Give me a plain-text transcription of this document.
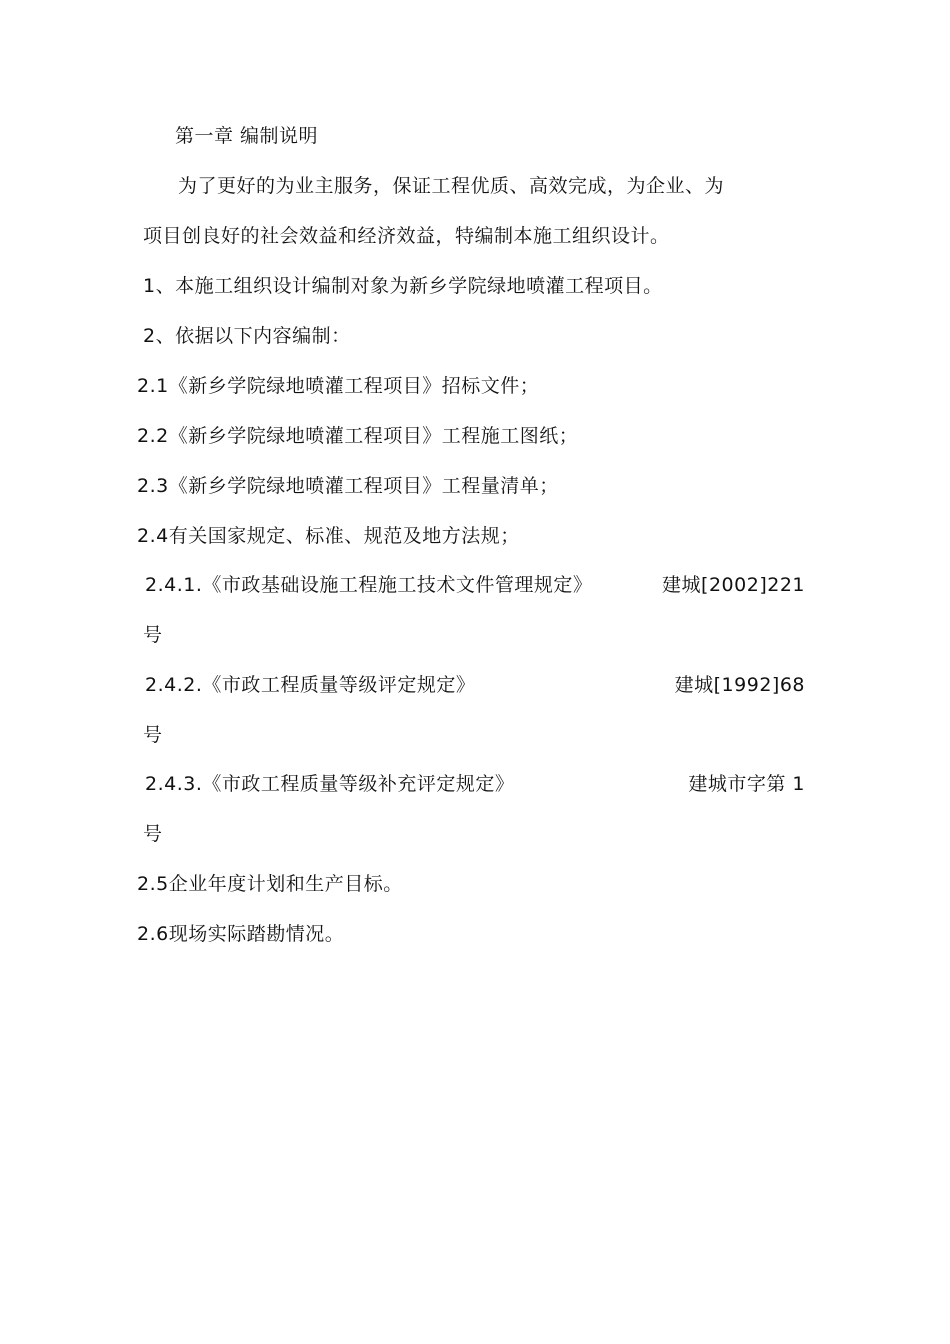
第一章 编制说明
为了更好的为业主服务，保证工程优质、高效完成，为企业、为
项目创良好的社会效益和经济效益，特编制本施工组织设计。
1、本施工组织设计编制对象为新乡学院绿地喷灌工程项目。
2、依据以下内容编制：
2.1《新乡学院绿地喷灌工程项目》招标文件；
2.2《新乡学院绿地喷灌工程项目》工程施工图纸；
2.3《新乡学院绿地喷灌工程项目》工程量清单；
2.4有关国家规定、标准、规范及地方法规；
2.4.1.《市政基础设施工程施工技术文件管理规定》	建城[2002]221
号
2.4.2.《市政工程质量等级评定规定》	建城[1992]68
号
2.4.3.《市政工程质量等级补充评定规定》	建城市字第 1
号
2.5企业年度计划和生产目标。
2.6现场实际踏勘情况。
